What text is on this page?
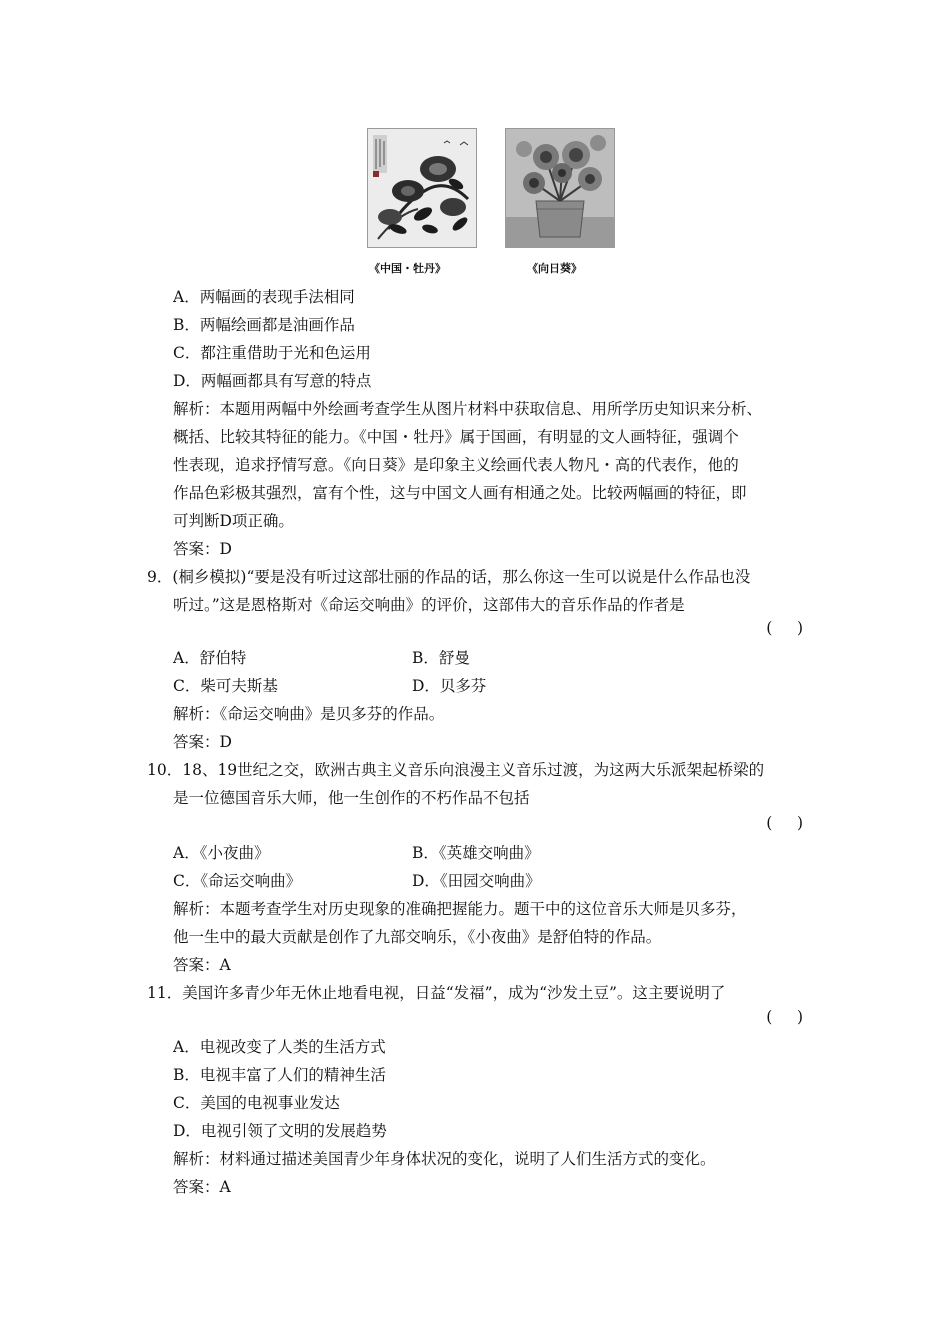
《中国・牡丹》	《向日葵》
A．两幅画的表现手法相同
B．两幅绘画都是油画作品
C．都注重借助于光和色运用
D．两幅画都具有写意的特点
解析：本题用两幅中外绘画考查学生从图片材料中获取信息、用所学历史知识来分析、
概括、比较其特征的能力。《中国・牡丹》属于国画，有明显的文人画特征，强调个
性表现，追求抒情写意。《向日葵》是印象主义绘画代表人物凡・高的代表作，他的
作品色彩极其强烈，富有个性，这与中国文人画有相通之处。比较两幅画的特征，即
可判断D项正确。
答案：D
9．(桐乡模拟)“要是没有听过这部壮丽的作品的话，那么你这一生可以说是什么作品也没
听过。”这是恩格斯对《命运交响曲》的评价，这部伟大的音乐作品的作者是
(     )
A．舒伯特	B．舒曼
C．柴可夫斯基	D．贝多芬
解析：《命运交响曲》是贝多芬的作品。
答案：D
10．18、19世纪之交，欧洲古典主义音乐向浪漫主义音乐过渡，为这两大乐派架起桥梁的
是一位德国音乐大师，他一生创作的不朽作品不包括
(     )
A．《小夜曲》	B．《英雄交响曲》
C．《命运交响曲》	D．《田园交响曲》
解析：本题考查学生对历史现象的准确把握能力。题干中的这位音乐大师是贝多芬，
他一生中的最大贡献是创作了九部交响乐，《小夜曲》是舒伯特的作品。
答案：A
11．美国许多青少年无休止地看电视，日益“发福”，成为“沙发土豆”。这主要说明了
(     )
A．电视改变了人类的生活方式
B．电视丰富了人们的精神生活
C．美国的电视事业发达
D．电视引领了文明的发展趋势
解析：材料通过描述美国青少年身体状况的变化，说明了人们生活方式的变化。
答案：A
